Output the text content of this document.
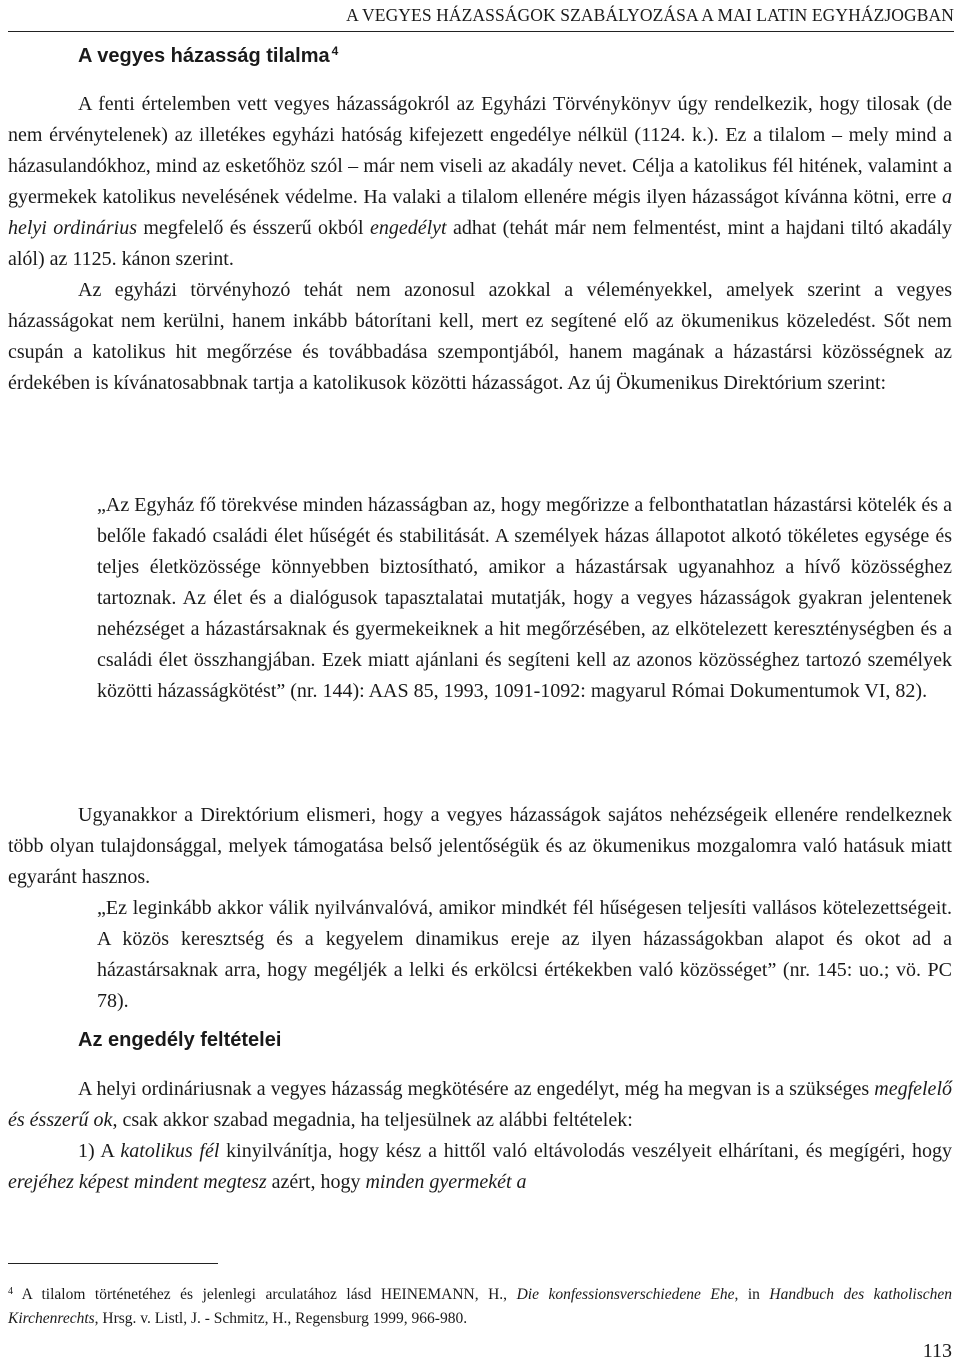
A VEGYES HÁZASSÁGOK SZABÁLYOZÁSA A MAI LATIN EGYHÁZJOGBAN
A vegyes házasság tilalma $^4$

A fenti értelemben vett vegyes házasságokról az Egyházi Törvénykönyv úgy rendelkezik, hogy tilosak (de nem érvénytelenek) az illetékes egyházi hatóság kifejezett engedélye nélkül (1124. k.). Ez a tilalom – mely mind a házasulandókhoz, mind az esketőhöz szól – már nem viseli az akadály nevet. Célja a katolikus fél hitének, valamint a gyermekek katolikus nevelésének védelme. Ha valaki a tilalom ellenére mégis ilyen házasságot kívánna kötni, erre a helyi ordinárius megfelelő és ésszerű okból engedélyt adhat (tehát már nem felmentést, mint a hajdani tiltó akadály alól) az 1125. kánon szerint.

Az egyházi törvényhozó tehát nem azonosul azokkal a véleményekkel, amelyek szerint a vegyes házasságokat nem kerülni, hanem inkább bátorítani kell, mert ez segítené elő az ökumenikus közeledést. Sőt nem csupán a katolikus hit megőrzése és továbbadása szempontjából, hanem magának a házastársi közösségnek az érdekében is kívánatosabbnak tartja a katolikusok közötti házasságot. Az új Ökumenikus Direktórium szerint:

„Az Egyház fő törekvése minden házasságban az, hogy megőrizze a felbonthatatlan házastársi kötelék és a belőle fakadó családi élet hűségét és stabilitását. A személyek házas állapotot alkotó tökéletes egysége és teljes életközössége könnyebben biztosítható, amikor a házastársak ugyanahhoz a hívő közösséghez tartoznak. Az élet és a dialógusok tapasztalatai mutatják, hogy a vegyes házasságok gyakran jelentenek nehézséget a házastársaknak és gyermekeiknek a hit megőrzésében, az elkötelezett kereszténységben és a családi élet összhangjában. Ezek miatt ajánlani és segíteni kell az azonos közösséghez tartozó személyek közötti házasságkötést” (nr. 144): AAS 85, 1993, 1091-1092: magyarul Római Dokumentumok VI, 82).

Ugyanakkor a Direktórium elismeri, hogy a vegyes házasságok sajátos nehézségeik ellenére rendelkeznek több olyan tulajdonsággal, melyek támogatása belső jelentőségük és az ökumenikus mozgalomra való hatásuk miatt egyaránt hasznos.

„Ez leginkább akkor válik nyilvánvalóvá, amikor mindkét fél hűségesen teljesíti vallásos kötelezettségeit. A közös keresztség és a kegyelem dinamikus ereje az ilyen házasságokban alapot és okot ad a házastársaknak arra, hogy megéljék a lelki és erkölcsi értékekben való közösséget” (nr. 145: uo.; vö. PC 78).

Az engedély feltételei

A helyi ordináriusnak a vegyes házasság megkötésére az engedélyt, még ha megvan is a szükséges megfelelő és ésszerű ok, csak akkor szabad megadnia, ha teljesülnek az alábbi feltételek:

1) A katolikus fél kinyilvánítja, hogy kész a hittől való eltávolodás veszélyeit elhárítani, és megígéri, hogy erejéhez képest mindent megtesz azért, hogy minden gyermekét a

$^4$ A tilalom történetéhez és jelenlegi arculatához lásd HEINEMANN, H., Die konfessionsverschiedene Ehe, in Handbuch des katholischen Kirchenrechts, Hrsg. v. Listl, J. - Schmitz, H., Regensburg 1999, 966-980.
113
